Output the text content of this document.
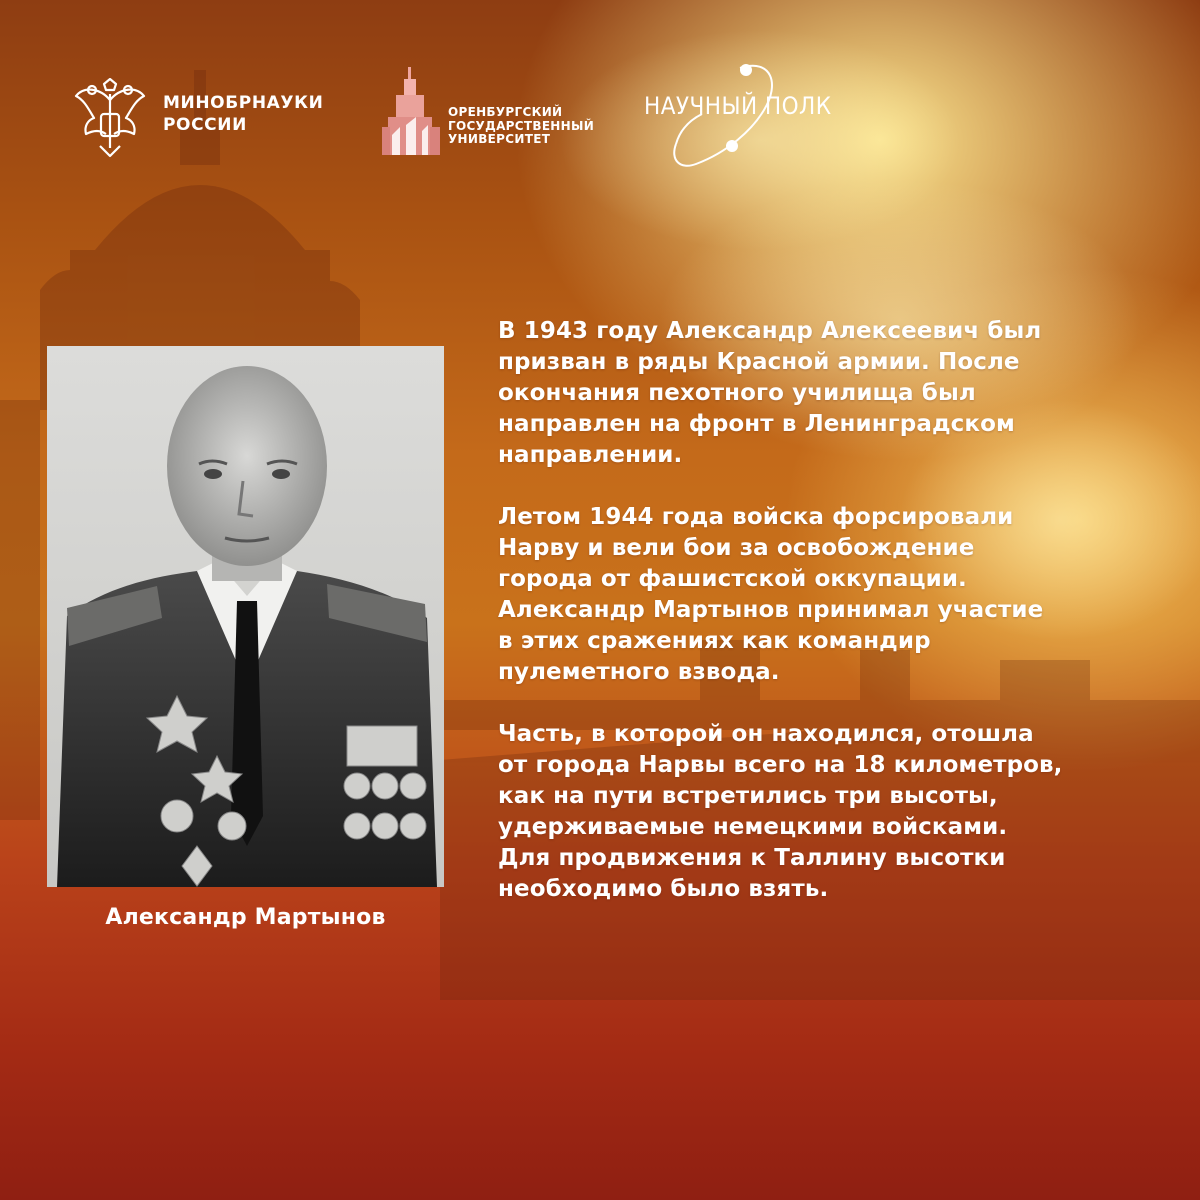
МИНОБРНАУКИ
РОССИИ
ОРЕНБУРГСКИЙ
ГОСУДАРСТВЕННЫЙ
УНИВЕРСИТЕТ
НАУЧНЫЙ ПОЛК
Александр Мартынов

В 1943 году Александр Алексеевич был
призван в ряды Красной армии. После
окончания пехотного училища был
направлен на фронт в Ленинградском
направлении.

Летом 1944 года войска форсировали
Нарву и вели бои за освобождение
города от фашистской оккупации.
Александр Мартынов принимал участие
в этих сражениях как командир
пулеметного взвода.

Часть, в которой он находился, отошла
от города Нарвы всего на 18 километров,
как на пути встретились три высоты,
удерживаемые немецкими войсками.
Для продвижения к Таллину высотки
необходимо было взять.
